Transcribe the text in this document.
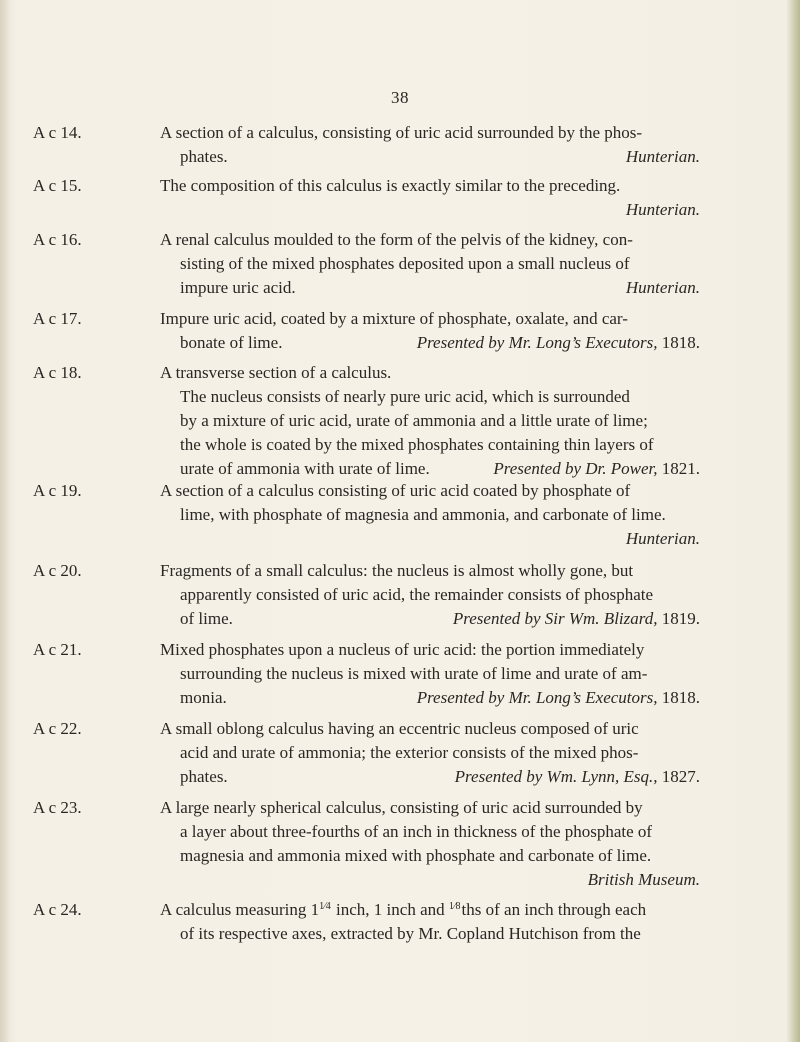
38
A c 14.	A section of a calculus, consisting of uric acid surrounded by the phos-
phates.	Hunterian.
A c 15.	The composition of this calculus is exactly similar to the preceding.
Hunterian.
A c 16.	A renal calculus moulded to the form of the pelvis of the kidney, con-
sisting of the mixed phosphates deposited upon a small nucleus of
impure uric acid.	Hunterian.
A c 17.	Impure uric acid, coated by a mixture of phosphate, oxalate, and car-
bonate of lime.	Presented by Mr. Long’s Executors, 1818.
A c 18.	A transverse section of a calculus.
The nucleus consists of nearly pure uric acid, which is surrounded
by a mixture of uric acid, urate of ammonia and a little urate of lime;
the whole is coated by the mixed phosphates containing thin layers of
urate of ammonia with urate of lime.	Presented by Dr. Power, 1821.
A c 19.	A section of a calculus consisting of uric acid coated by phosphate of
lime, with phosphate of magnesia and ammonia, and carbonate of lime.
Hunterian.
A c 20.	Fragments of a small calculus: the nucleus is almost wholly gone, but
apparently consisted of uric acid, the remainder consists of phosphate
of lime.	Presented by Sir Wm. Blizard, 1819.
A c 21.	Mixed phosphates upon a nucleus of uric acid: the portion immediately
surrounding the nucleus is mixed with urate of lime and urate of am-
monia.	Presented by Mr. Long’s Executors, 1818.
A c 22.	A small oblong calculus having an eccentric nucleus composed of uric
acid and urate of ammonia; the exterior consists of the mixed phos-
phates.	Presented by Wm. Lynn, Esq., 1827.
A c 23.	A large nearly spherical calculus, consisting of uric acid surrounded by
a layer about three-fourths of an inch in thickness of the phosphate of
magnesia and ammonia mixed with phosphate and carbonate of lime.
British Museum.
A c 24.	A calculus measuring $1^{1⁄4}$ inch, 1 inch and $^{1⁄8}$ths of an inch through each
of its respective axes, extracted by Mr. Copland Hutchison from the
